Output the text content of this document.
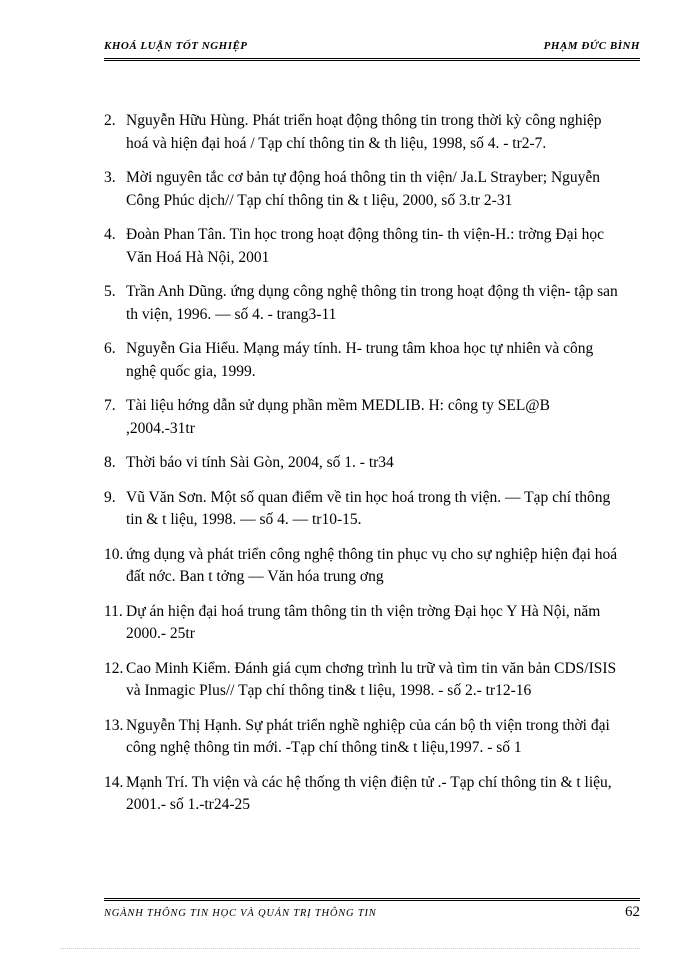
KHOÁ LUẬN TỐT NGHIỆP	PHẠM ĐỨC BÌNH
2. Nguyễn Hữu Hùng. Phát triển hoạt động thông tin trong thời kỳ công nghiệp hoá và hiện đại hoá / Tạp chí thông tin & th liệu, 1998, số 4. - tr2-7.
3. Mời nguyên tắc cơ bản tự động hoá thông tin th viện/ Ja.L Strayber; Nguyễn Công Phúc dịch// Tạp chí thông tin & t liệu, 2000, số 3.tr 2-31
4. Đoàn Phan Tân. Tin học trong hoạt động thông tin- th viện-H.: trờng Đại học Văn Hoá Hà Nội, 2001
5. Trần Anh Dũng. ứng dụng công nghệ thông tin trong hoạt động th viện- tập san th viện, 1996. — số 4. - trang3-11
6. Nguyễn Gia Hiểu. Mạng máy tính. H- trung tâm khoa học tự nhiên và công nghệ quốc gia, 1999.
7. Tài liệu hớng dẫn sử dụng phần mềm MEDLIB. H: công ty SEL@B ,2004.-31tr
8. Thời báo vi tính Sài Gòn, 2004, số 1. - tr34
9. Vũ Văn Sơn. Một số quan điểm về tin học hoá trong th viện. — Tạp chí thông tin & t liệu, 1998. — số 4. — tr10-15.
10. ứng dụng và phát triển công nghệ thông tin phục vụ cho sự nghiệp hiện đại hoá đất nớc. Ban t tởng — Văn hóa trung ơng
11. Dự án hiện đại hoá trung tâm thông tin th viện trờng Đại học Y Hà Nội, năm 2000.- 25tr
12. Cao Minh Kiểm. Đánh giá cụm chơng trình lu trữ và tìm tin văn bản CDS/ISIS và Inmagic Plus// Tạp chí thông tin& t liệu, 1998. - số 2.- tr12-16
13. Nguyễn Thị Hạnh. Sự phát triển nghề nghiệp của cán bộ th viện trong thời đại công nghệ thông tin mới. -Tạp chí thông tin& t liệu,1997. - số 1
14. Mạnh Trí. Th viện và các hệ thống th viện điện tử .- Tạp chí thông tin & t liệu, 2001.- số 1.-tr24-25
NGÀNH THÔNG TIN HỌC VÀ QUẢN TRỊ THÔNG TIN	62
